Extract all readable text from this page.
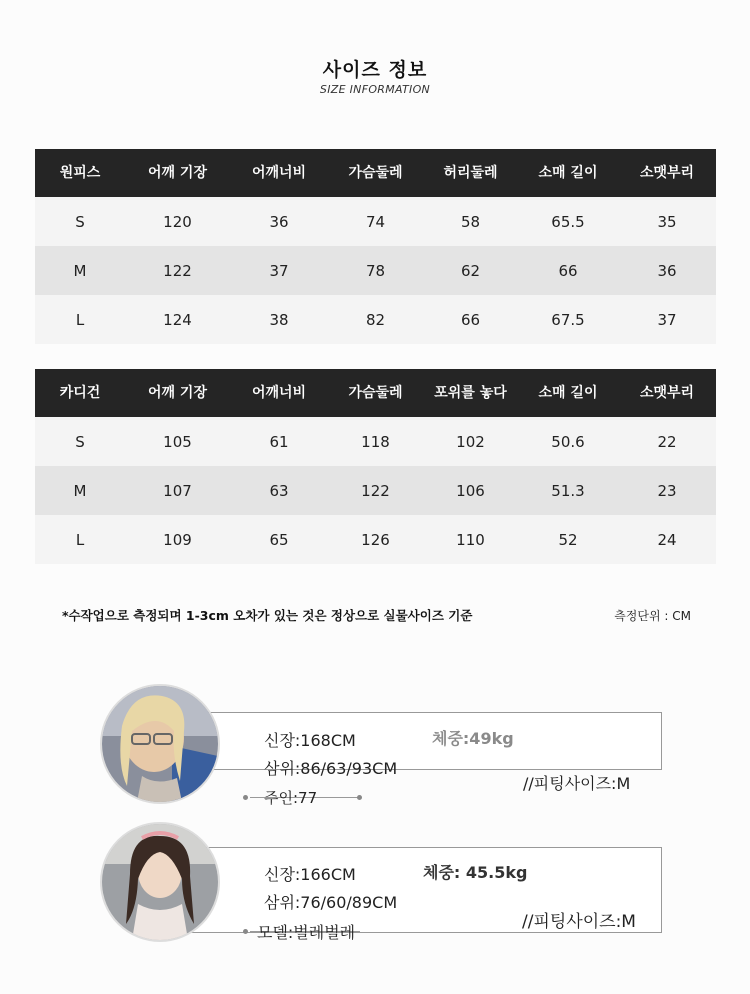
사이즈 정보
SIZE INFORMATION
원피스	어깨 기장	어깨너비	가슴둘레	허리둘레	소매 길이	소맷부리
S	120	36	74	58	65.5	35
M	122	37	78	62	66	36
L	124	38	82	66	67.5	37
카디건	어깨 기장	어깨너비	가슴둘레	포위를 놓다	소매 길이	소맷부리
S	105	61	118	102	50.6	22
M	107	63	122	106	51.3	23
L	109	65	126	110	52	24
*수작업으로 측정되며 1-3cm 오차가 있는 것은 정상으로 실물사이즈 기준	측정단위 : CM
신장:168CM	체중:49kg
삼위:86/63/93CM
//피팅사이즈:M
주인:77
신장:166CM	체중: 45.5kg
삼위:76/60/89CM
//피팅사이즈:M
모델:벌레벌레
